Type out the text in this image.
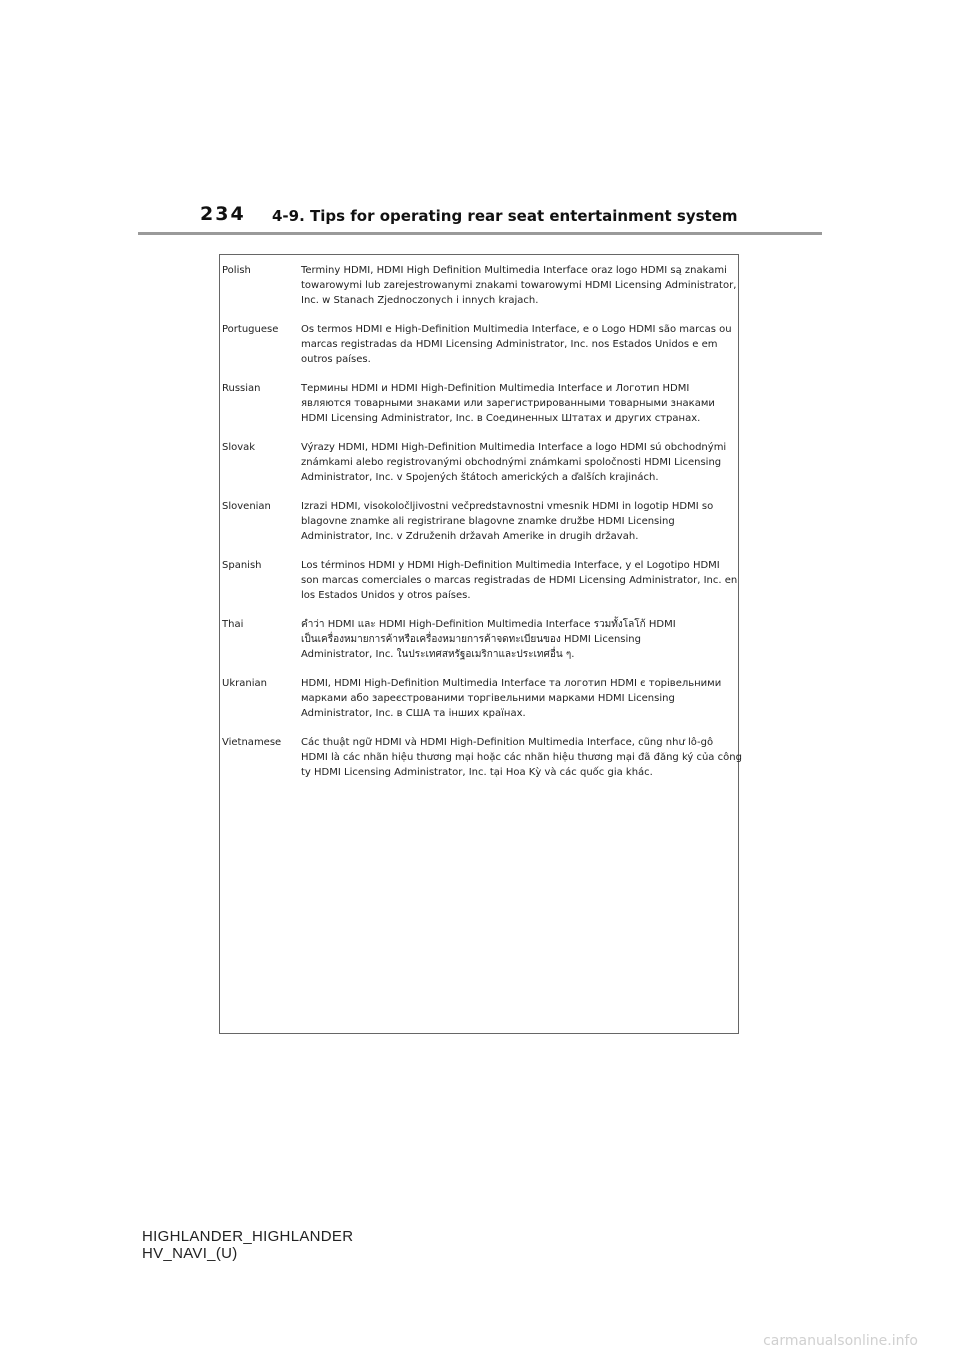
234 4-9. Tips for operating rear seat entertainment system
Polish	Terminy HDMI, HDMI High Definition Multimedia Interface oraz logo HDMI są znakami
towarowymi lub zarejestrowanymi znakami towarowymi HDMI Licensing Administrator,
Inc. w Stanach Zjednoczonych i innych krajach.
Portuguese	Os termos HDMI e High-Definition Multimedia Interface, e o Logo HDMI são marcas ou
marcas registradas da HDMI Licensing Administrator, Inc. nos Estados Unidos e em
outros países.
Russian	Термины HDMI и HDMI High-Definition Multimedia Interface и Логотип HDMI
являются товарными знаками или зарегистрированными товарными знаками
HDMI Licensing Administrator, Inc. в Соединенных Штатах и других странах.
Slovak	Výrazy HDMI, HDMI High-Definition Multimedia Interface a logo HDMI sú obchodnými
známkami alebo registrovanými obchodnými známkami spoločnosti HDMI Licensing
Administrator, Inc. v Spojených štátoch amerických a ďalších krajinách.
Slovenian	Izrazi HDMI, visokoločljivostni večpredstavnostni vmesnik HDMI in logotip HDMI so
blagovne znamke ali registrirane blagovne znamke družbe HDMI Licensing
Administrator, Inc. v Združenih državah Amerike in drugih državah.
Spanish	Los términos HDMI y HDMI High-Definition Multimedia Interface, y el Logotipo HDMI
son marcas comerciales o marcas registradas de HDMI Licensing Administrator, Inc. en
los Estados Unidos y otros países.
Thai	คำว่า HDMI และ HDMI High-Definition Multimedia Interface รวมทั้งโลโก้ HDMI
เป็นเครื่องหมายการค้าหรือเครื่องหมายการค้าจดทะเบียนของ HDMI Licensing
Administrator, Inc. ในประเทศสหรัฐอเมริกาและประเทศอื่น ๆ.
Ukranian	HDMI, HDMI High-Definition Multimedia Interface та логотип HDMI є торівельними
марками або зареєстрованими торгівельними марками HDMI Licensing
Administrator, Inc. в США та інших країнах.
Vietnamese	Các thuật ngữ HDMI và HDMI High-Definition Multimedia Interface, cũng như lô-gô
HDMI là các nhãn hiệu thương mại hoặc các nhãn hiệu thương mại đã đăng ký của công
ty HDMI Licensing Administrator, Inc. tại Hoa Kỳ và các quốc gia khác.
HIGHLANDER_HIGHLANDER
HV_NAVI_(U)
carmanualsonline.info
